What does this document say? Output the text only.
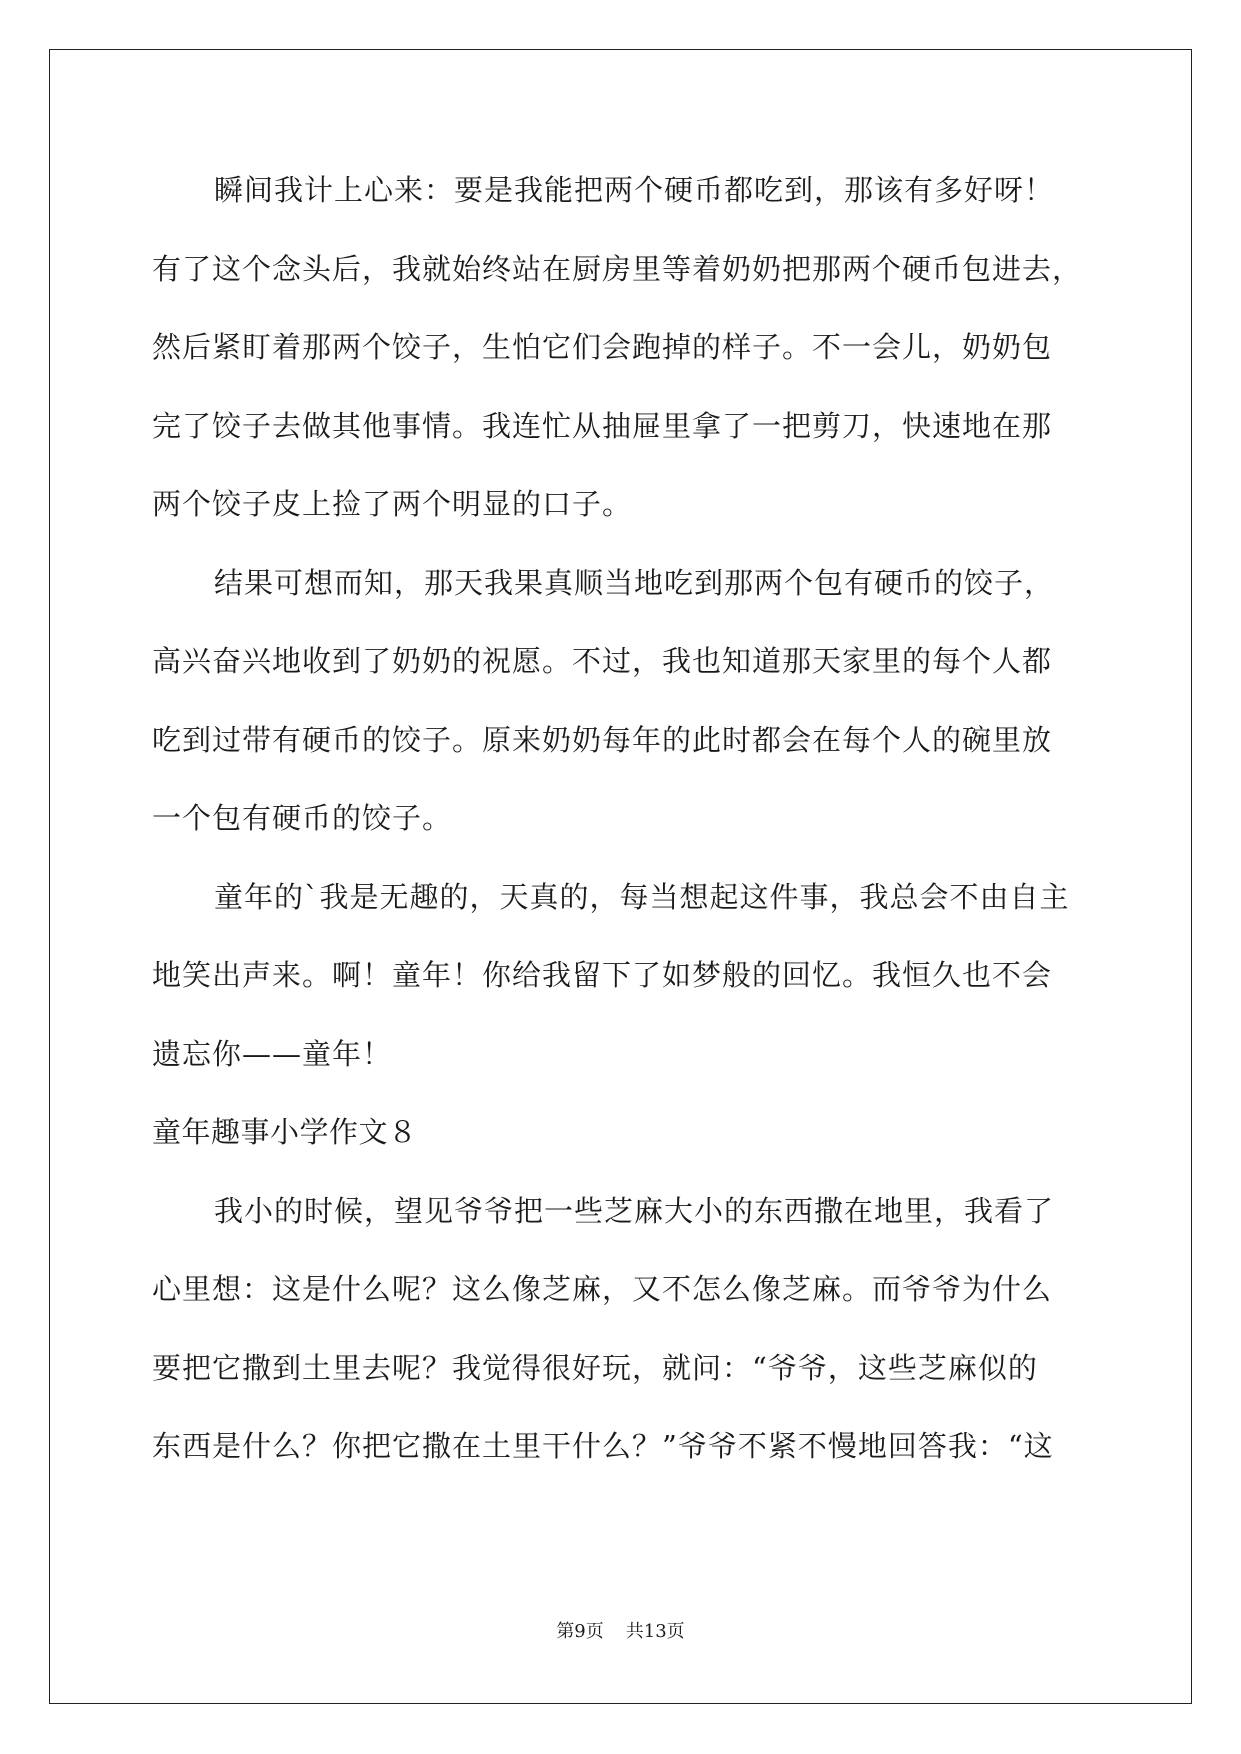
瞬间我计上心来：要是我能把两个硬币都吃到，那该有多好呀！
有了这个念头后，我就始终站在厨房里等着奶奶把那两个硬币包进去，
然后紧盯着那两个饺子，生怕它们会跑掉的样子。不一会儿，奶奶包
完了饺子去做其他事情。我连忙从抽屉里拿了一把剪刀，快速地在那
两个饺子皮上捡了两个明显的口子。
结果可想而知，那天我果真顺当地吃到那两个包有硬币的饺子，
高兴奋兴地收到了奶奶的祝愿。不过，我也知道那天家里的每个人都
吃到过带有硬币的饺子。原来奶奶每年的此时都会在每个人的碗里放
一个包有硬币的饺子。
童年的`我是无趣的，天真的，每当想起这件事，我总会不由自主
地笑出声来。啊！童年！你给我留下了如梦般的回忆。我恒久也不会
遗忘你——童年！
童年趣事小学作文８
我小的时候，望见爷爷把一些芝麻大小的东西撒在地里，我看了
心里想：这是什么呢？这么像芝麻，又不怎么像芝麻。而爷爷为什么
要把它撒到土里去呢？我觉得很好玩，就问：“爷爷，这些芝麻似的
东西是什么？你把它撒在土里干什么？”爷爷不紧不慢地回答我：“这
第9页 共13页
